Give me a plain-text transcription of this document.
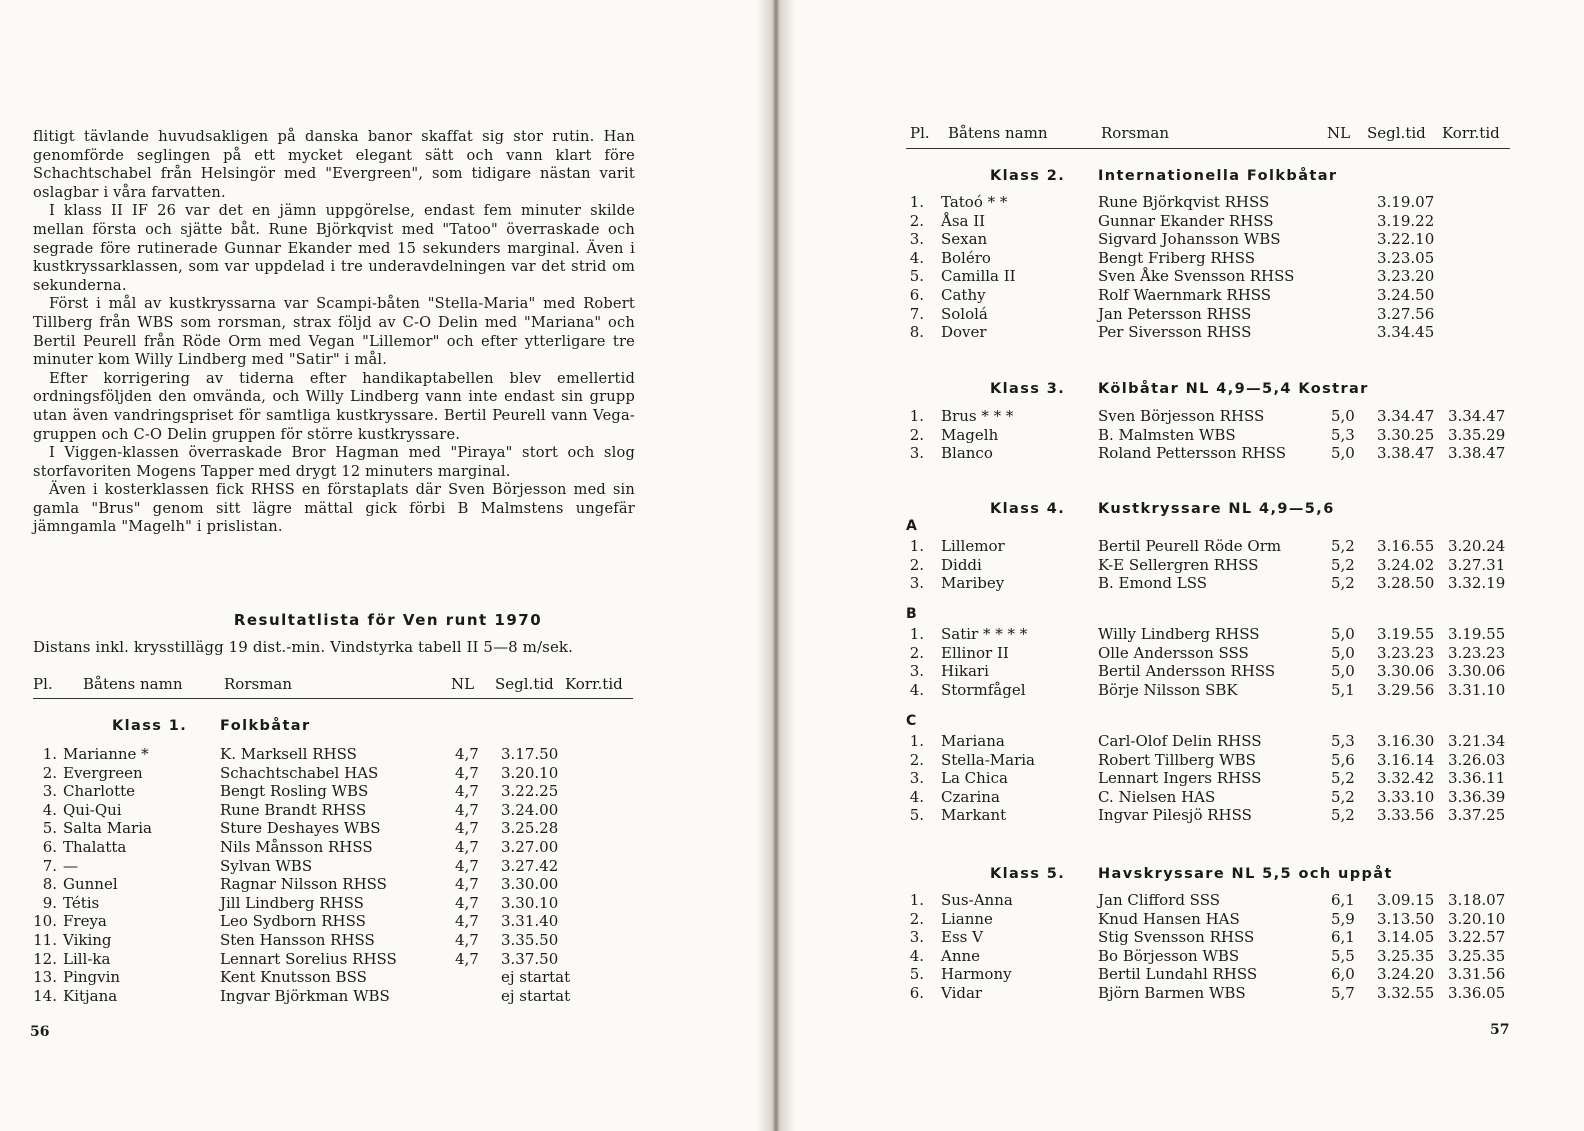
flitigt tävlande huvudsakligen på danska banor skaffat sig stor rutin. Han genomförde seglingen på ett mycket elegant sätt och vann klart före Schachtschabel från Helsingör med "Evergreen", som tidigare nästan varit oslagbar i våra farvatten.

I klass II IF 26 var det en jämn uppgörelse, endast fem minuter skilde mellan första och sjätte båt. Rune Björkqvist med "Tatoo" överraskade och segrade före rutinerade Gunnar Ekander med 15 sekunders marginal. Även i kustkryssarklassen, som var uppdelad i tre underavdelningen var det strid om sekunderna.

Först i mål av kustkryssarna var Scampi-båten "Stella-Maria" med Robert Tillberg från WBS som rorsman, strax följd av C-O Delin med "Mariana" och Bertil Peurell från Röde Orm med Vegan "Lillemor" och efter ytterligare tre minuter kom Willy Lindberg med "Satir" i mål.

Efter korrigering av tiderna efter handikaptabellen blev emellertid ordningsföljden den omvända, och Willy Lindberg vann inte endast sin grupp utan även vandringspriset för samtliga kustkryssare. Bertil Peurell vann Vega-gruppen och C-O Delin gruppen för större kustkryssare.

I Viggen-klassen överraskade Bror Hagman med "Piraya" stort och slog storfavoriten Mogens Tapper med drygt 12 minuters marginal.

Även i kosterklassen fick RHSS en förstaplats där Sven Börjesson med sin gamla "Brus" genom sitt lägre mättal gick förbi B Malmstens ungefär jämngamla "Magelh" i prislistan.

Resultatlista för Ven runt 1970
Distans inkl. krysstillägg 19 dist.-min. Vindstyrka tabell II 5—8 m/sek.
Pl. Båtens namn	Rorsman	NL Segl.tid Korr.tid
Klass 1. Folkbåtar
1. Marianne *	K. Marksell RHSS	4,7 3.17.50
2. Evergreen	Schachtschabel HAS	4,7 3.20.10
3. Charlotte	Bengt Rosling WBS	4,7 3.22.25
4. Qui-Qui	Rune Brandt RHSS	4,7 3.24.00
5. Salta Maria	Sture Deshayes WBS	4,7 3.25.28
6. Thalatta	Nils Månsson RHSS	4,7 3.27.00
7. —	Sylvan WBS	4,7 3.27.42
8. Gunnel	Ragnar Nilsson RHSS	4,7 3.30.00
9. Tétis	Jill Lindberg RHSS	4,7 3.30.10
10. Freya	Leo Sydborn RHSS	4,7 3.31.40
11. Viking	Sten Hansson RHSS	4,7 3.35.50
12. Lill-ka	Lennart Sorelius RHSS	4,7 3.37.50
13. Pingvin	Kent Knutsson BSS	ej startat
14. Kitjana	Ingvar Björkman WBS	ej startat
56
Pl. Båtens namn	Rorsman	NL Segl.tid Korr.tid
Klass 2. Internationella Folkbåtar
1. Tatoó * *	Rune Björkqvist RHSS	3.19.07
2. Åsa II	Gunnar Ekander RHSS	3.19.22
3. Sexan	Sigvard Johansson WBS	3.22.10
4. Boléro	Bengt Friberg RHSS	3.23.05
5. Camilla II	Sven Åke Svensson RHSS	3.23.20
6. Cathy	Rolf Waernmark RHSS	3.24.50
7. Sololá	Jan Petersson RHSS	3.27.56
8. Dover	Per Siversson RHSS	3.34.45
Klass 3. Kölbåtar NL 4,9—5,4 Kostrar
1. Brus * * *	Sven Börjesson RHSS	5,0 3.34.47 3.34.47
2. Magelh	B. Malmsten WBS	5,3 3.30.25 3.35.29
3. Blanco	Roland Pettersson RHSS	5,0 3.38.47 3.38.47
Klass 4. Kustkryssare NL 4,9—5,6
A
1. Lillemor	Bertil Peurell Röde Orm	5,2 3.16.55 3.20.24
2. Diddi	K-E Sellergren RHSS	5,2 3.24.02 3.27.31
3. Maribey	B. Emond LSS	5,2 3.28.50 3.32.19
B
1. Satir * * * *	Willy Lindberg RHSS	5,0 3.19.55 3.19.55
2. Ellinor II	Olle Andersson SSS	5,0 3.23.23 3.23.23
3. Hikari	Bertil Andersson RHSS	5,0 3.30.06 3.30.06
4. Stormfågel	Börje Nilsson SBK	5,1 3.29.56 3.31.10
C
1. Mariana	Carl-Olof Delin RHSS	5,3 3.16.30 3.21.34
2. Stella-Maria	Robert Tillberg WBS	5,6 3.16.14 3.26.03
3. La Chica	Lennart Ingers RHSS	5,2 3.32.42 3.36.11
4. Czarina	C. Nielsen HAS	5,2 3.33.10 3.36.39
5. Markant	Ingvar Pilesjö RHSS	5,2 3.33.56 3.37.25
Klass 5. Havskryssare NL 5,5 och uppåt
1. Sus-Anna	Jan Clifford SSS	6,1 3.09.15 3.18.07
2. Lianne	Knud Hansen HAS	5,9 3.13.50 3.20.10
3. Ess V	Stig Svensson RHSS	6,1 3.14.05 3.22.57
4. Anne	Bo Börjesson WBS	5,5 3.25.35 3.25.35
5. Harmony	Bertil Lundahl RHSS	6,0 3.24.20 3.31.56
6. Vidar	Björn Barmen WBS	5,7 3.32.55 3.36.05
57
